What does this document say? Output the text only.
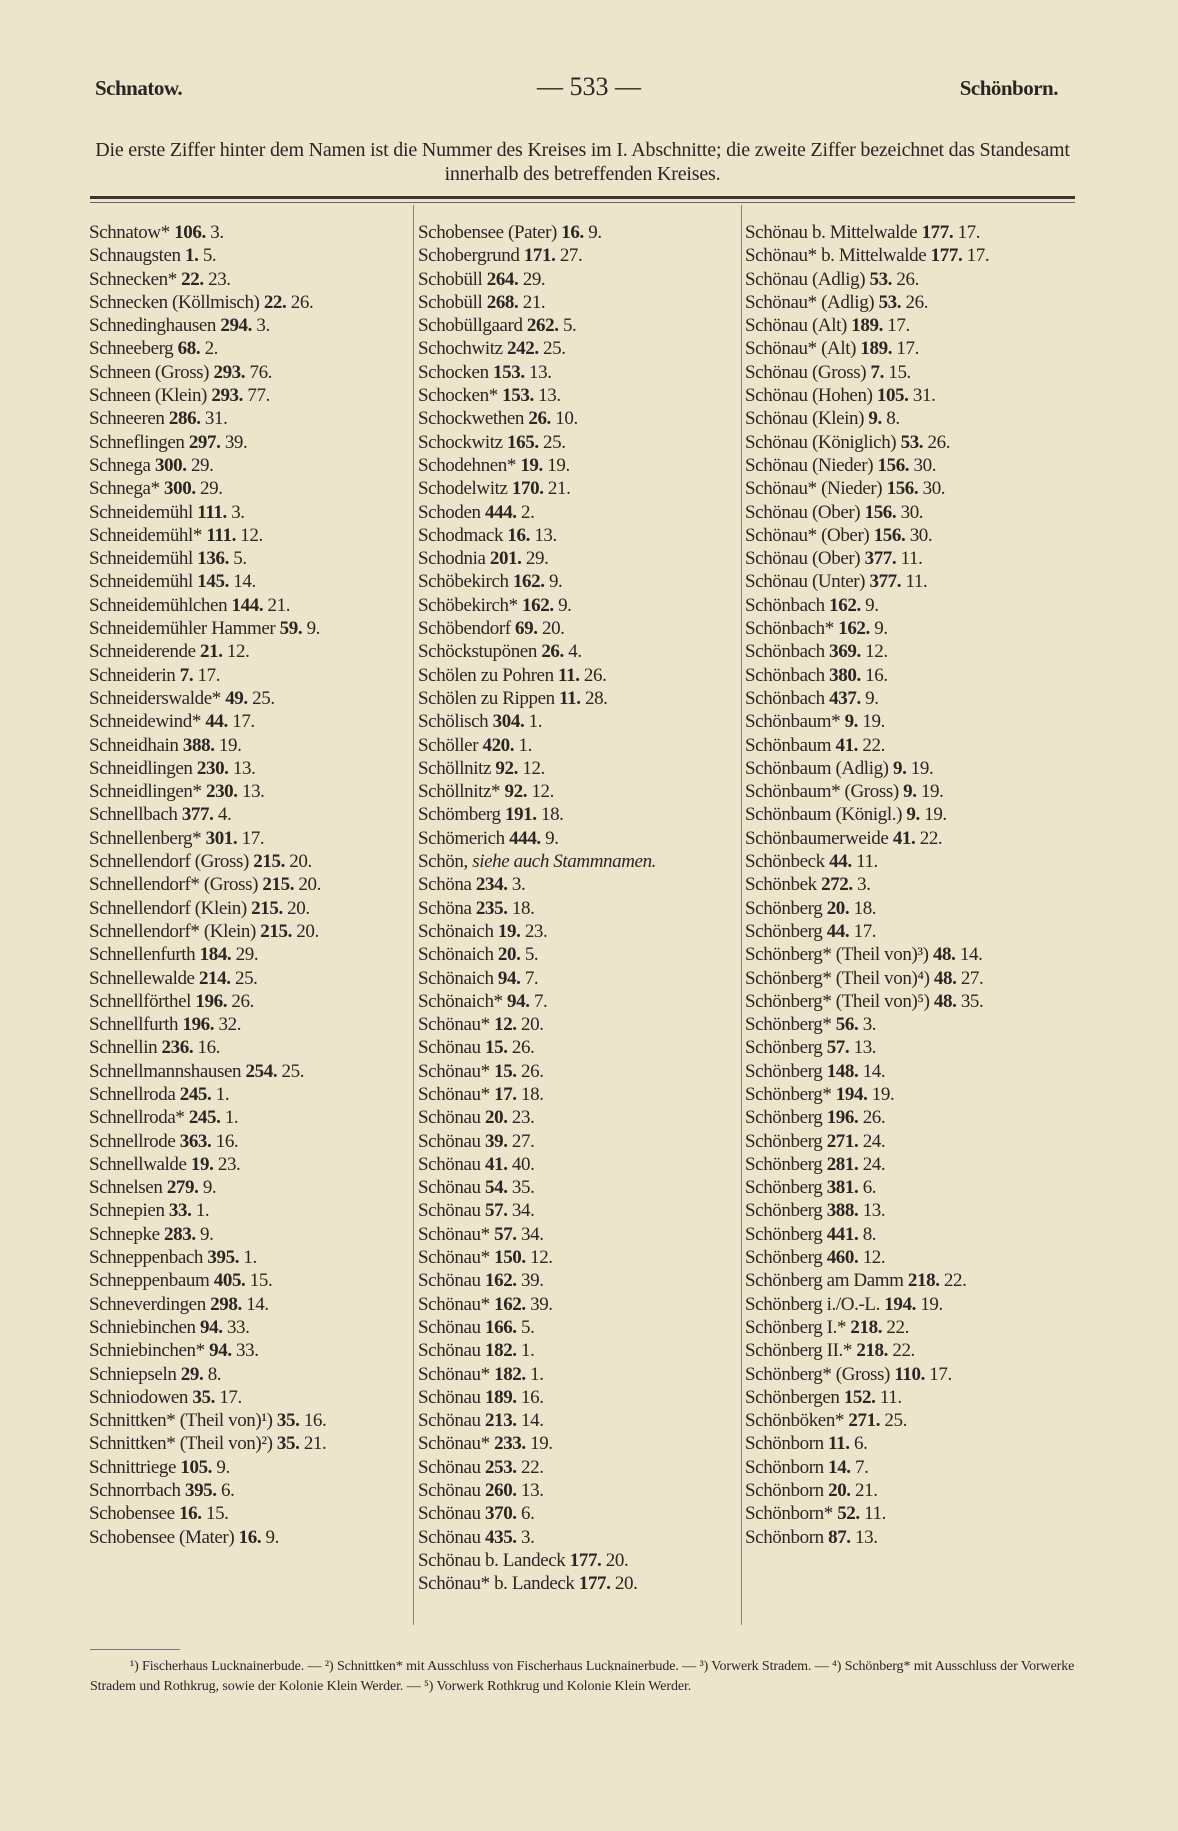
Schnatow.	— 533 —	Schönborn.
Die erste Ziffer hinter dem Namen ist die Nummer des Kreises im I. Abschnitte; die zweite Ziffer bezeichnet das Standesamt innerhalb des betreffenden Kreises.
Schnatow* 106. 3.
Schnaugsten 1. 5.
Schnecken* 22. 23.
Schnecken (Köllmisch) 22. 26.
Schnedinghausen 294. 3.
Schneeberg 68. 2.
Schneen (Gross) 293. 76.
Schneen (Klein) 293. 77.
Schneeren 286. 31.
Schneflingen 297. 39.
Schnega 300. 29.
Schnega* 300. 29.
Schneidemühl 111. 3.
Schneidemühl* 111. 12.
Schneidemühl 136. 5.
Schneidemühl 145. 14.
Schneidemühlchen 144. 21.
Schneidemühler Hammer 59. 9.
Schneiderende 21. 12.
Schneiderin 7. 17.
Schneiderswalde* 49. 25.
Schneidewind* 44. 17.
Schneidhain 388. 19.
Schneidlingen 230. 13.
Schneidlingen* 230. 13.
Schnellbach 377. 4.
Schnellenberg* 301. 17.
Schnellendorf (Gross) 215. 20.
Schnellendorf* (Gross) 215. 20.
Schnellendorf (Klein) 215. 20.
Schnellendorf* (Klein) 215. 20.
Schnellenfurth 184. 29.
Schnellewalde 214. 25.
Schnellförthel 196. 26.
Schnellfurth 196. 32.
Schnellin 236. 16.
Schnellmannshausen 254. 25.
Schnellroda 245. 1.
Schnellroda* 245. 1.
Schnellrode 363. 16.
Schnellwalde 19. 23.
Schnelsen 279. 9.
Schnepien 33. 1.
Schnepke 283. 9.
Schneppenbach 395. 1.
Schneppenbaum 405. 15.
Schneverdingen 298. 14.
Schniebinchen 94. 33.
Schniebinchen* 94. 33.
Schniepseln 29. 8.
Schniodowen 35. 17.
Schnittken* (Theil von)¹) 35. 16.
Schnittken* (Theil von)²) 35. 21.
Schnittriege 105. 9.
Schnorrbach 395. 6.
Schobensee 16. 15.
Schobensee (Mater) 16. 9.
Schobensee (Pater) 16. 9.
Schobergrund 171. 27.
Schobüll 264. 29.
Schobüll 268. 21.
Schobüllgaard 262. 5.
Schochwitz 242. 25.
Schocken 153. 13.
Schocken* 153. 13.
Schockwethen 26. 10.
Schockwitz 165. 25.
Schodehnen* 19. 19.
Schodelwitz 170. 21.
Schoden 444. 2.
Schodmack 16. 13.
Schodnia 201. 29.
Schöbekirch 162. 9.
Schöbekirch* 162. 9.
Schöbendorf 69. 20.
Schöckstupönen 26. 4.
Schölen zu Pohren 11. 26.
Schölen zu Rippen 11. 28.
Schölisch 304. 1.
Schöller 420. 1.
Schöllnitz 92. 12.
Schöllnitz* 92. 12.
Schömberg 191. 18.
Schömerich 444. 9.
Schön, siehe auch Stammnamen.
Schöna 234. 3.
Schöna 235. 18.
Schönaich 19. 23.
Schönaich 20. 5.
Schönaich 94. 7.
Schönaich* 94. 7.
Schönau* 12. 20.
Schönau 15. 26.
Schönau* 15. 26.
Schönau* 17. 18.
Schönau 20. 23.
Schönau 39. 27.
Schönau 41. 40.
Schönau 54. 35.
Schönau 57. 34.
Schönau* 57. 34.
Schönau* 150. 12.
Schönau 162. 39.
Schönau* 162. 39.
Schönau 166. 5.
Schönau 182. 1.
Schönau* 182. 1.
Schönau 189. 16.
Schönau 213. 14.
Schönau* 233. 19.
Schönau 253. 22.
Schönau 260. 13.
Schönau 370. 6.
Schönau 435. 3.
Schönau b. Landeck 177. 20.
Schönau* b. Landeck 177. 20.
Schönau b. Mittelwalde 177. 17.
Schönau* b. Mittelwalde 177. 17.
Schönau (Adlig) 53. 26.
Schönau* (Adlig) 53. 26.
Schönau (Alt) 189. 17.
Schönau* (Alt) 189. 17.
Schönau (Gross) 7. 15.
Schönau (Hohen) 105. 31.
Schönau (Klein) 9. 8.
Schönau (Königlich) 53. 26.
Schönau (Nieder) 156. 30.
Schönau* (Nieder) 156. 30.
Schönau (Ober) 156. 30.
Schönau* (Ober) 156. 30.
Schönau (Ober) 377. 11.
Schönau (Unter) 377. 11.
Schönbach 162. 9.
Schönbach* 162. 9.
Schönbach 369. 12.
Schönbach 380. 16.
Schönbach 437. 9.
Schönbaum* 9. 19.
Schönbaum 41. 22.
Schönbaum (Adlig) 9. 19.
Schönbaum* (Gross) 9. 19.
Schönbaum (Königl.) 9. 19.
Schönbaumerweide 41. 22.
Schönbeck 44. 11.
Schönbek 272. 3.
Schönberg 20. 18.
Schönberg 44. 17.
Schönberg* (Theil von)³) 48. 14.
Schönberg* (Theil von)⁴) 48. 27.
Schönberg* (Theil von)⁵) 48. 35.
Schönberg* 56. 3.
Schönberg 57. 13.
Schönberg 148. 14.
Schönberg* 194. 19.
Schönberg 196. 26.
Schönberg 271. 24.
Schönberg 281. 24.
Schönberg 381. 6.
Schönberg 388. 13.
Schönberg 441. 8.
Schönberg 460. 12.
Schönberg am Damm 218. 22.
Schönberg i./O.-L. 194. 19.
Schönberg I.* 218. 22.
Schönberg II.* 218. 22.
Schönberg* (Gross) 110. 17.
Schönbergen 152. 11.
Schönböken* 271. 25.
Schönborn 11. 6.
Schönborn 14. 7.
Schönborn 20. 21.
Schönborn* 52. 11.
Schönborn 87. 13.
¹) Fischerhaus Lucknainerbude. — ²) Schnittken* mit Ausschluss von Fischerhaus Lucknainerbude. — ³) Vorwerk Stradem. — ⁴) Schönberg* mit Ausschluss der Vorwerke Stradem und Rothkrug, sowie der Kolonie Klein Werder. — ⁵) Vorwerk Rothkrug und Kolonie Klein Werder.
